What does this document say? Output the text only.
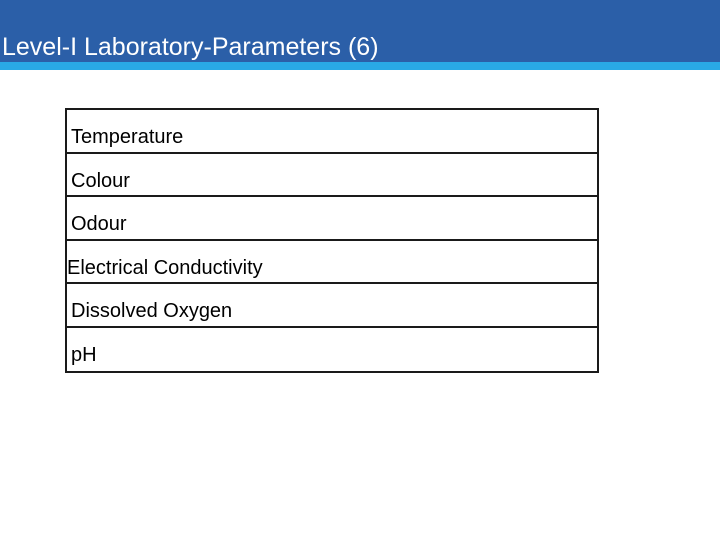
Level-I Laboratory-Parameters (6)
Temperature
Colour
Odour
Electrical Conductivity
Dissolved Oxygen
pH
